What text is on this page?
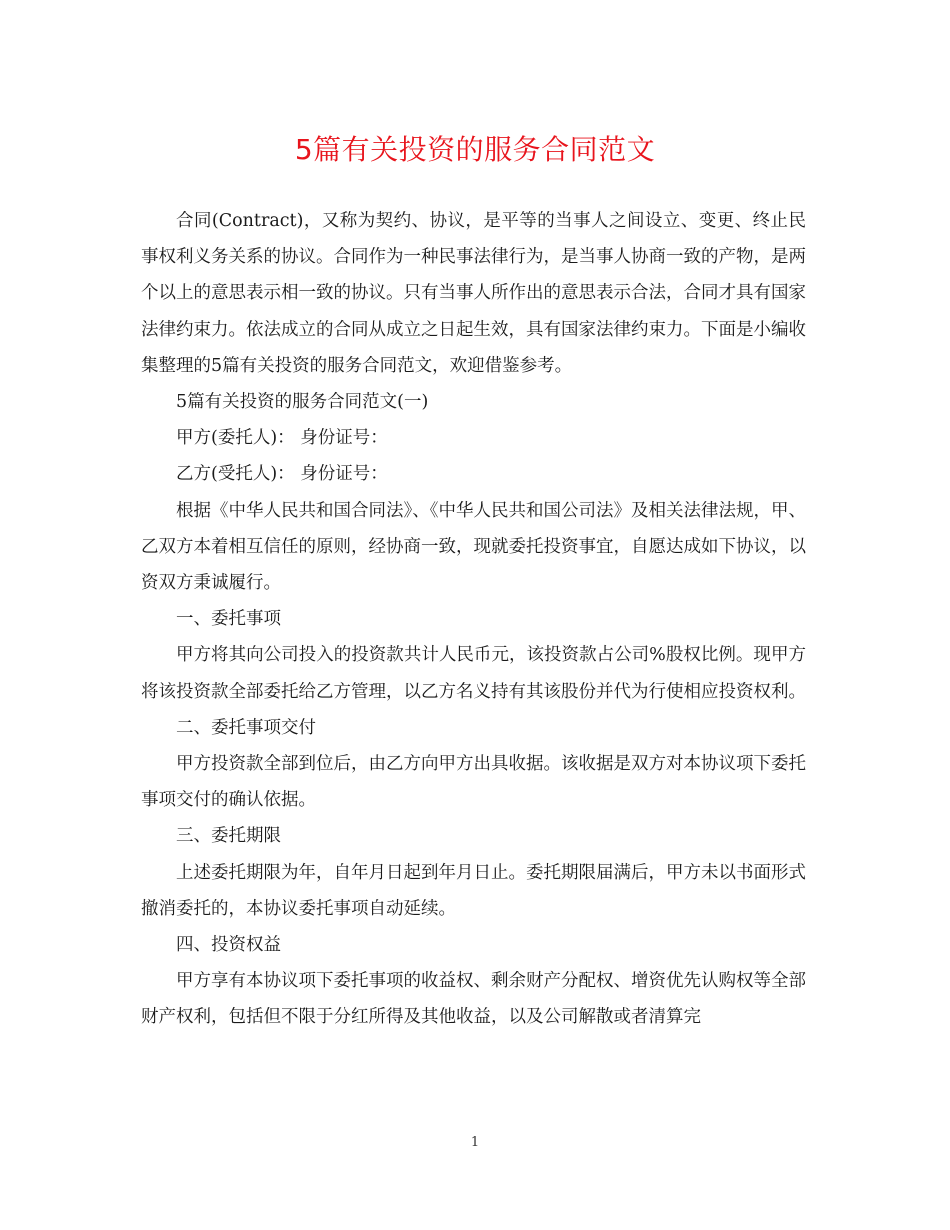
5篇有关投资的服务合同范文

合同(Contract)，又称为契约、协议，是平等的当事人之间设立、变更、终止民事权利义务关系的协议。合同作为一种民事法律行为，是当事人协商一致的产物，是两个以上的意思表示相一致的协议。只有当事人所作出的意思表示合法，合同才具有国家法律约束力。依法成立的合同从成立之日起生效，具有国家法律约束力。下面是小编收集整理的5篇有关投资的服务合同范文，欢迎借鉴参考。

5篇有关投资的服务合同范文(一)

甲方(委托人)： 身份证号：

乙方(受托人)： 身份证号：

根据《中华人民共和国合同法》、《中华人民共和国公司法》及相关法律法规，甲、乙双方本着相互信任的原则，经协商一致，现就委托投资事宜，自愿达成如下协议，以资双方秉诚履行。

一、委托事项

甲方将其向公司投入的投资款共计人民币元，该投资款占公司%股权比例。现甲方将该投资款全部委托给乙方管理，以乙方名义持有其该股份并代为行使相应投资权利。

二、委托事项交付

甲方投资款全部到位后，由乙方向甲方出具收据。该收据是双方对本协议项下委托事项交付的确认依据。

三、委托期限

上述委托期限为年，自年月日起到年月日止。委托期限届满后，甲方未以书面形式撤消委托的，本协议委托事项自动延续。

四、投资权益

甲方享有本协议项下委托事项的收益权、剩余财产分配权、增资优先认购权等全部财产权利，包括但不限于分红所得及其他收益，以及公司解散或者清算完

1
